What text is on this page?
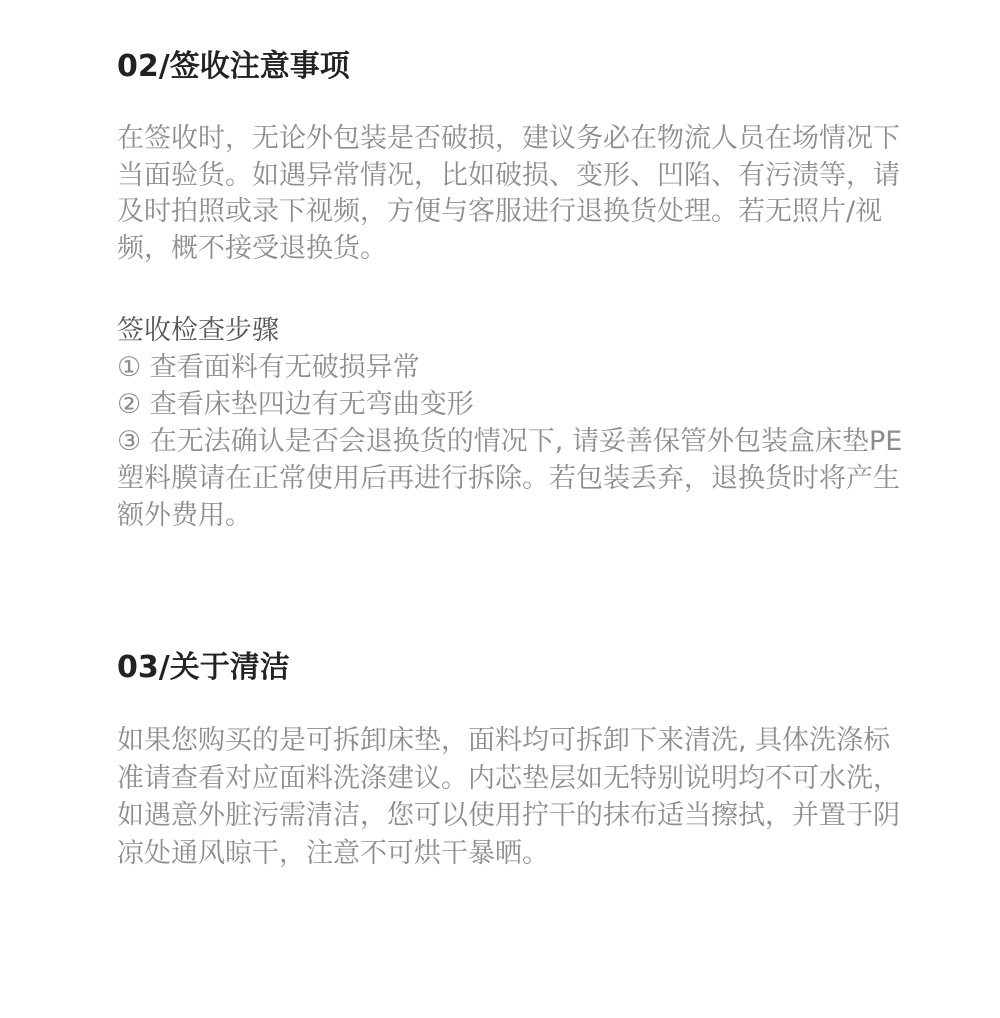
02/签收注意事项

在签收时，无论外包装是否破损，建议务必在物流人员在场情况下当面验货。如遇异常情况，比如破损、变形、凹陷、有污渍等，请及时拍照或录下视频，方便与客服进行退换货处理。若无照片/视频，概不接受退换货。

签收检查步骤
① 查看面料有无破损异常
② 查看床垫四边有无弯曲变形
③ 在无法确认是否会退换货的情况下, 请妥善保管外包装盒床垫PE塑料膜请在正常使用后再进行拆除。若包装丢弃，退换货时将产生额外费用。
03/关于清洁

如果您购买的是可拆卸床垫，面料均可拆卸下来清洗, 具体洗涤标准请查看对应面料洗涤建议。内芯垫层如无特别说明均不可水洗，如遇意外脏污需清洁，您可以使用拧干的抹布适当擦拭，并置于阴凉处通风晾干，注意不可烘干暴晒。
